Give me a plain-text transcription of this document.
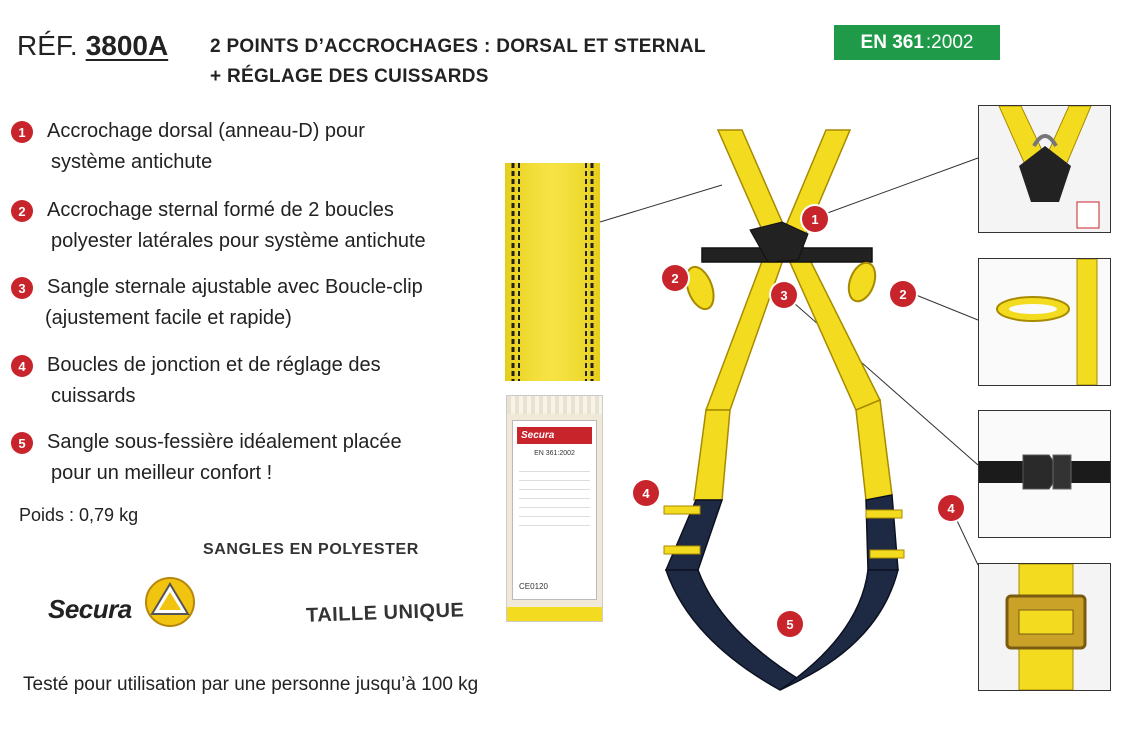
RÉF. 3800A 2 POINTS D’ACCROCHAGES : DORSAL ET STERNAL
+ RÉGLAGE DES CUISSARDS
EN 361 :2002
1	Accrochage dorsal (anneau-D) pour
système antichute
2	Accrochage sternal formé de 2 boucles
polyester latérales pour système antichute
3	Sangle sternale ajustable avec Boucle-clip
(ajustement facile et rapide)
4	Boucles de jonction et de réglage des
cuissards
5	Sangle sous-fessière idéalement placée
pour un meilleur confort !
Poids : 0,79 kg
SANGLES EN POLYESTER
TAILLE UNIQUE
Testé pour utilisation par une personne jusqu’à 100 kg
Secura
Secura
EN 361:2002
CE0120
1
2
3
4
5
2
4
